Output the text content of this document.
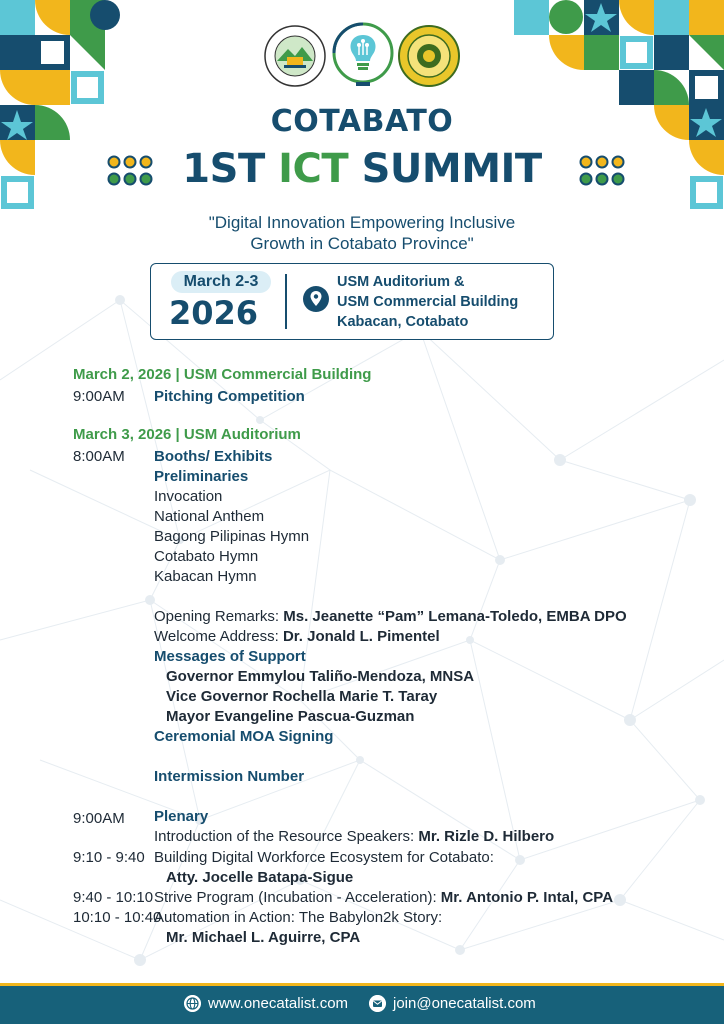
COTABATO
1ST ICT SUMMIT
"Digital Innovation Empowering Inclusive
Growth in Cotabato Province"
March 2-3
2026
USM Auditorium &
USM Commercial Building
Kabacan, Cotabato
March 2, 2026 | USM Commercial Building
9:00AM Pitching Competition
March 3, 2026 | USM Auditorium
8:00AM Booths/ Exhibits
Preliminaries
Invocation
National Anthem
Bagong Pilipinas Hymn
Cotabato Hymn
Kabacan Hymn
Opening Remarks: Ms. Jeanette “Pam” Lemana-Toledo, EMBA DPO
Welcome Address: Dr. Jonald L. Pimentel
Messages of Support
Governor Emmylou Taliño-Mendoza, MNSA
Vice Governor Rochella Marie T. Taray
Mayor Evangeline Pascua-Guzman
Ceremonial MOA Signing
Intermission Number
9:00AM Plenary
Introduction of the Resource Speakers: Mr. Rizle D. Hilbero
9:10 - 9:40 Building Digital Workforce Ecosystem for Cotabato:
Atty. Jocelle Batapa-Sigue
9:40 - 10:10 Strive Program (Incubation - Acceleration): Mr. Antonio P. Intal, CPA
10:10 - 10:40
Automation in Action: The Babylon2k Story:
Mr. Michael L. Aguirre, CPA
www.onecatalist.com	join@onecatalist.com
